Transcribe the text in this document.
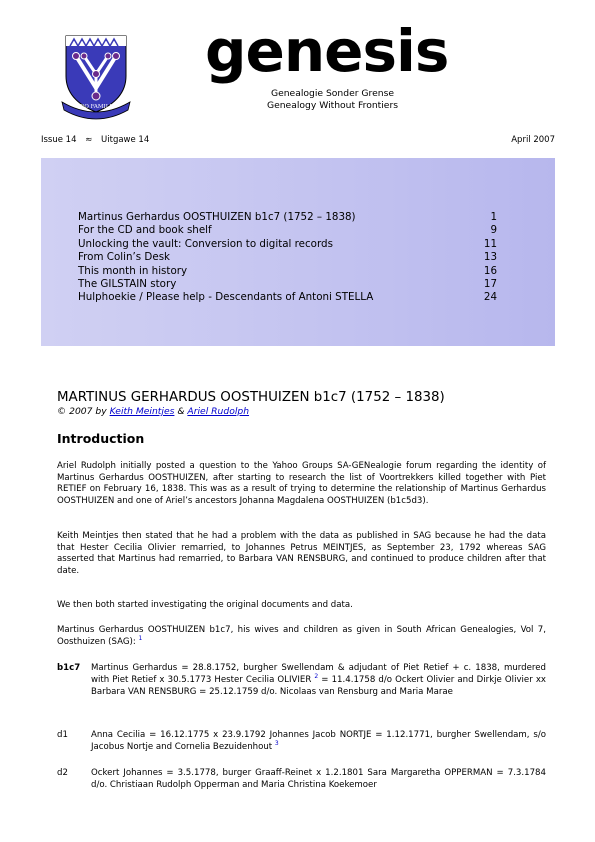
PRO FAMILIA
genesis
Genealogie Sonder Grense
Genealogy Without Frontiers
Issue 14 ≈ Uitgawe 14	April 2007
Martinus Gerhardus OOSTHUIZEN b1c7 (1752 – 1838)	1
For the CD and book shelf	9
Unlocking the vault: Conversion to digital records	11
From Colin’s Desk	13
This month in history	16
The GILSTAIN story	17
Hulphoekie / Please help - Descendants of Antoni STELLA	24
MARTINUS GERHARDUS OOSTHUIZEN b1c7 (1752 – 1838)
© 2007 by Keith Meintjes & Ariel Rudolph
Introduction
Ariel Rudolph initially posted a question to the Yahoo Groups SA-GENealogie forum regarding the identity of Martinus Gerhardus OOSTHUIZEN, after starting to research the list of Voortrekkers killed together with Piet RETIEF on February 16, 1838. This was as a result of trying to determine the relationship of Martinus Gerhardus OOSTHUIZEN and one of Ariel’s ancestors Johanna Magdalena OOSTHUIZEN (b1c5d3).
Keith Meintjes then stated that he had a problem with the data as published in SAG because he had the data that Hester Cecilia Olivier remarried, to Johannes Petrus MEINTJES, as September 23, 1792 whereas SAG asserted that Martinus had remarried, to Barbara VAN RENSBURG, and continued to produce children after that date.
We then both started investigating the original documents and data.
Martinus Gerhardus OOSTHUIZEN b1c7, his wives and children as given in South African Genealogies, Vol 7, Oosthuizen (SAG): $^1$
b1c7	Martinus Gerhardus = 28.8.1752, burgher Swellendam & adjudant of Piet Retief + c. 1838, murdered with Piet Retief x 30.5.1773 Hester Cecilia OLIVIER $^2$ = 11.4.1758 d/o Ockert Olivier and Dirkje Olivier xx Barbara VAN RENSBURG = 25.12.1759 d/o. Nicolaas van Rensburg and Maria Marae
d1	Anna Cecilia = 16.12.1775 x 23.9.1792 Johannes Jacob NORTJE = 1.12.1771, burgher Swellendam, s/o Jacobus Nortje and Cornelia Bezuidenhout $^3$
d2	Ockert Johannes = 3.5.1778, burger Graaff-Reinet x 1.2.1801 Sara Margaretha OPPERMAN = 7.3.1784 d/o. Christiaan Rudolph Opperman and Maria Christina Koekemoer
